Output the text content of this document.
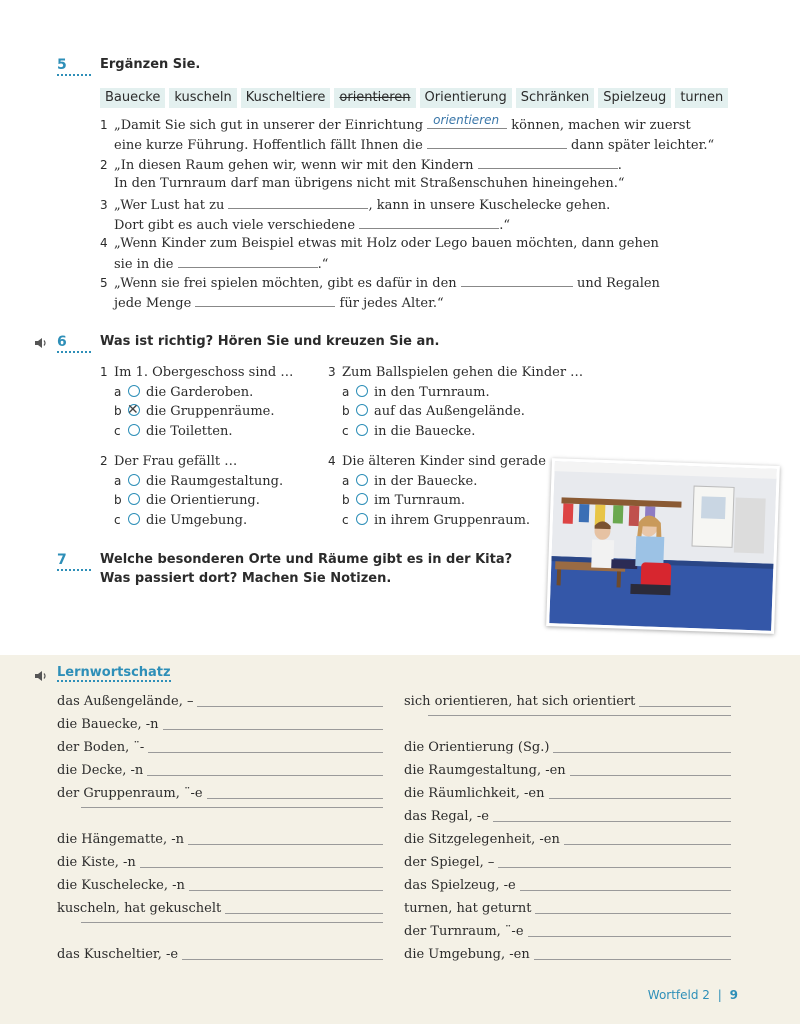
5	Ergänzen Sie.
Bauecke	kuscheln	Kuscheltiere	orientieren	Orientierung	Schränken	Spielzeug	turnen
1 „Damit Sie sich gut in unserer der Einrichtung orientieren können, machen wir zuerst
eine kurze Führung. Hoffentlich fällt Ihnen die	dann später leichter.“
2 „In diesen Raum gehen wir, wenn wir mit den Kindern	.
In den Turnraum darf man übrigens nicht mit Straßenschuhen hineingehen.“
3 „Wer Lust hat zu	, kann in unsere Kuschelecke gehen.
Dort gibt es auch viele verschiedene	.“
4 „Wenn Kinder zum Beispiel etwas mit Holz oder Lego bauen möchten, dann gehen
sie in die	.“
5 „Wenn sie frei spielen möchten, gibt es dafür in den	und Regalen
jede Menge	für jedes Alter.“
6	Was ist richtig? Hören Sie und kreuzen Sie an.
1 Im 1. Obergeschoss sind …
a die Garderoben.
b✕ die Gruppenräume.
c die Toiletten.
3 Zum Ballspielen gehen die Kinder …
a in den Turnraum.
b auf das Außengelände.
c in die Bauecke.
2 Der Frau gefällt …
a die Raumgestaltung.
b die Orientierung.
c die Umgebung.
4 Die älteren Kinder sind gerade
a in der Bauecke.
b im Turnraum.
c in ihrem Gruppenraum.
7	Welche besonderen Orte und Räume gibt es in der Kita?
Was passiert dort? Machen Sie Notizen.
Lernwortschatz
das Außengelände, –
die Bauecke, -n
der Boden, ¨-
die Decke, -n
der Gruppenraum, ¨-e
die Hängematte, -n
die Kiste, -n
die Kuschelecke, -n
kuscheln, hat gekuschelt
das Kuscheltier, -e
sich orientieren, hat sich orientiert
die Orientierung (Sg.)
die Raumgestaltung, -en
die Räumlichkeit, -en
das Regal, -e
die Sitzgelegenheit, -en
der Spiegel, –
das Spielzeug, -e
turnen, hat geturnt
der Turnraum, ¨-e
die Umgebung, -en
Wortfeld 2 | 9
